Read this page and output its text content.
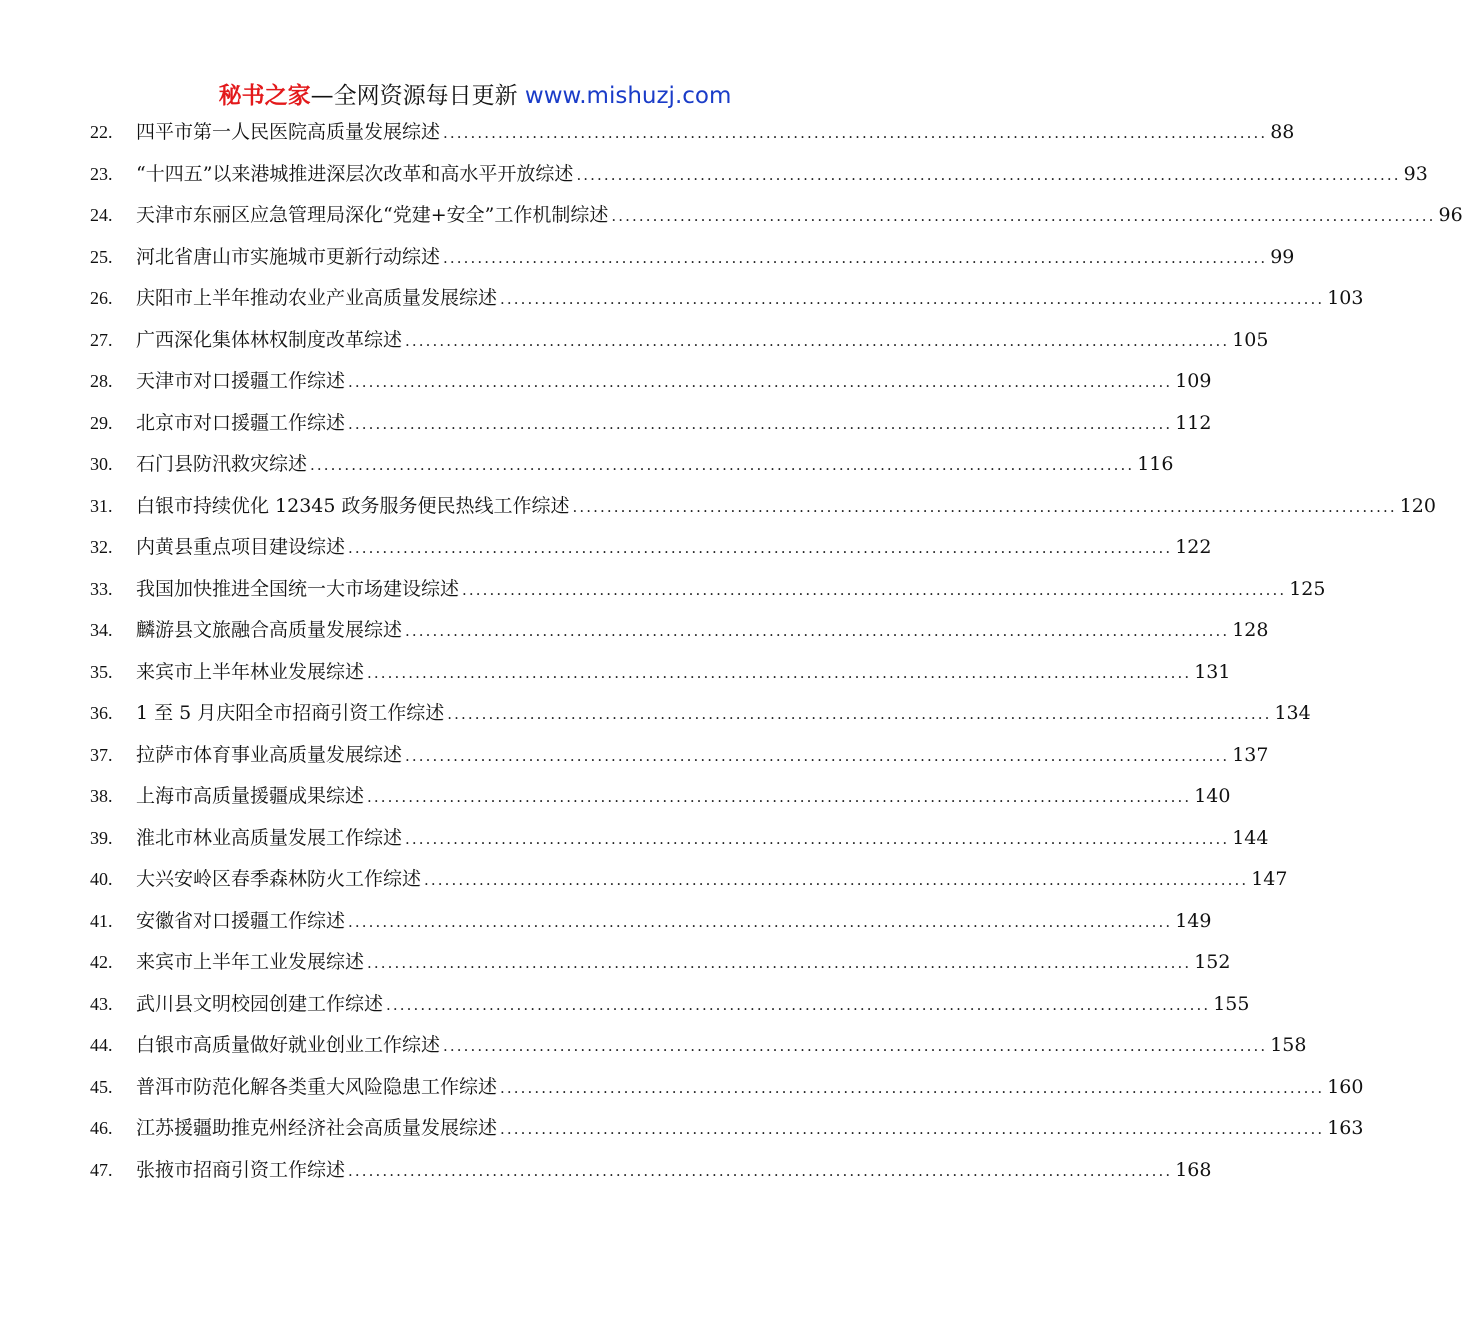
秘书之家—全网资源每日更新 www.mishuzj.com
22.	四平市第一人民医院高质量发展综述 ........................................................................................................................ 88
23.	“十四五”以来港城推进深层次改革和高水平开放综述 ........................................................................................................................ 93
24.	天津市东丽区应急管理局深化“党建+安全”工作机制综述 ........................................................................................................................ 96
25.	河北省唐山市实施城市更新行动综述 ........................................................................................................................ 99
26.	庆阳市上半年推动农业产业高质量发展综述 ........................................................................................................................ 103
27.	广西深化集体林权制度改革综述 ........................................................................................................................ 105
28.	天津市对口援疆工作综述 ........................................................................................................................ 109
29.	北京市对口援疆工作综述 ........................................................................................................................ 112
30.	石门县防汛救灾综述 ........................................................................................................................ 116
31.	白银市持续优化 12345 政务服务便民热线工作综述 ........................................................................................................................ 120
32.	内黄县重点项目建设综述 ........................................................................................................................ 122
33.	我国加快推进全国统一大市场建设综述 ........................................................................................................................ 125
34.	麟游县文旅融合高质量发展综述 ........................................................................................................................ 128
35.	来宾市上半年林业发展综述 ........................................................................................................................ 131
36.	1 至 5 月庆阳全市招商引资工作综述 ........................................................................................................................ 134
37.	拉萨市体育事业高质量发展综述 ........................................................................................................................ 137
38.	上海市高质量援疆成果综述 ........................................................................................................................ 140
39.	淮北市林业高质量发展工作综述 ........................................................................................................................ 144
40.	大兴安岭区春季森林防火工作综述 ........................................................................................................................ 147
41.	安徽省对口援疆工作综述 ........................................................................................................................ 149
42.	来宾市上半年工业发展综述 ........................................................................................................................ 152
43.	武川县文明校园创建工作综述 ........................................................................................................................ 155
44.	白银市高质量做好就业创业工作综述 ........................................................................................................................ 158
45.	普洱市防范化解各类重大风险隐患工作综述 ........................................................................................................................ 160
46.	江苏援疆助推克州经济社会高质量发展综述 ........................................................................................................................ 163
47.	张掖市招商引资工作综述 ........................................................................................................................ 168
